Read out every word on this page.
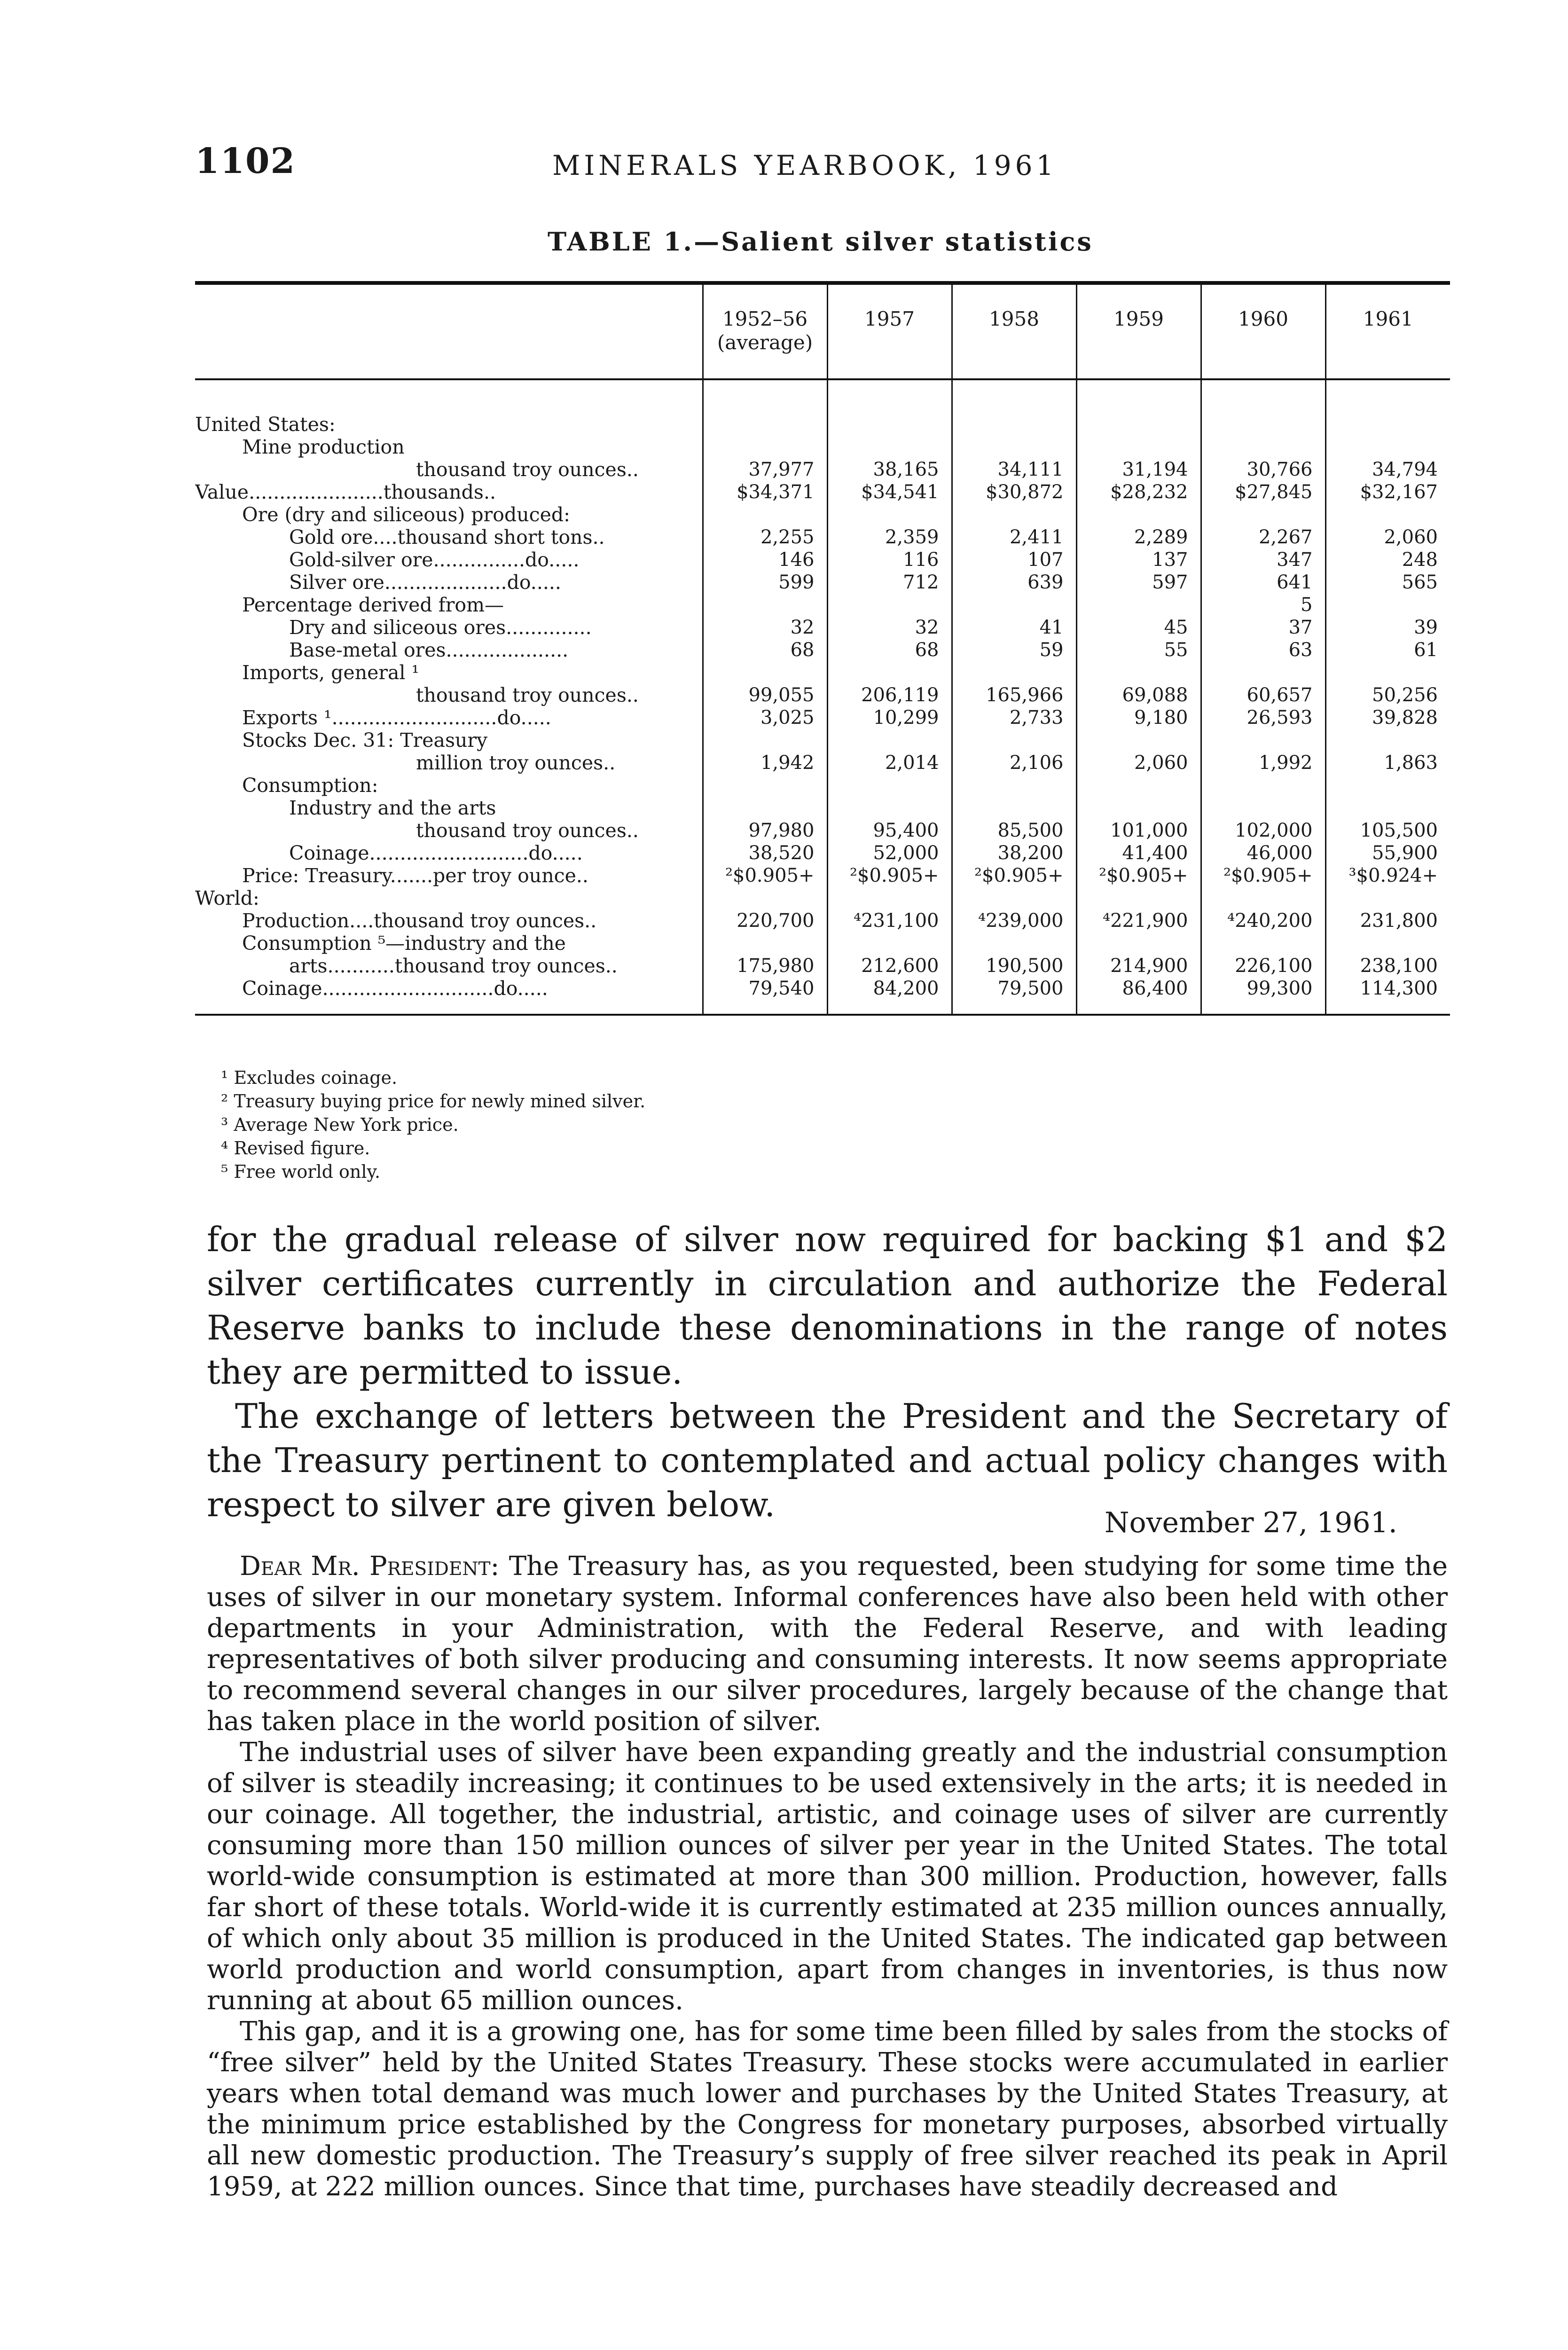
1102	MINERALS YEARBOOK, 1961
TABLE 1.—Salient silver statistics
	1952–56 (average)	1957	1958	1959	1960	1961
United States:						
Mine production						
thousand troy ounces..	37,977	38,165	34,111	31,194	30,766	34,794
Value......................thousands..	$34,371	$34,541	$30,872	$28,232	$27,845	$32,167
Ore (dry and siliceous) produced:						
Gold ore....thousand short tons..	2,255	2,359	2,411	2,289	2,267	2,060
Gold-silver ore...............do.....	146	116	107	137	347	248
Silver ore....................do.....	599	712	639	597	641	565
Percentage derived from—					5	
Dry and siliceous ores..............	32	32	41	45	37	39
Base-metal ores....................	68	68	59	55	63	61
Imports, general ¹						
thousand troy ounces..	99,055	206,119	165,966	69,088	60,657	50,256
Exports ¹...........................do.....	3,025	10,299	2,733	9,180	26,593	39,828
Stocks Dec. 31: Treasury						
million troy ounces..	1,942	2,014	2,106	2,060	1,992	1,863
Consumption:						
Industry and the arts						
thousand troy ounces..	97,980	95,400	85,500	101,000	102,000	105,500
Coinage..........................do.....	38,520	52,000	38,200	41,400	46,000	55,900
Price: Treasury.......per troy ounce..	²$0.905+	²$0.905+	²$0.905+	²$0.905+	²$0.905+	³$0.924+
World:						
Production....thousand troy ounces..	220,700	⁴231,100	⁴239,000	⁴221,900	⁴240,200	231,800
Consumption ⁵—industry and the						
arts...........thousand troy ounces..	175,980	212,600	190,500	214,900	226,100	238,100
Coinage............................do.....	79,540	84,200	79,500	86,400	99,300	114,300
¹ Excludes coinage.
² Treasury buying price for newly mined silver.
³ Average New York price.
⁴ Revised figure.
⁵ Free world only.

for the gradual release of silver now required for backing $1 and $2 silver certificates currently in circulation and authorize the Federal Reserve banks to include these denominations in the range of notes they are permitted to issue.

The exchange of letters between the President and the Secretary of the Treasury pertinent to contemplated and actual policy changes with respect to silver are given below.	November 27, 1961.

Dear Mr. President: The Treasury has, as you requested, been studying for some time the uses of silver in our monetary system. Informal conferences have also been held with other departments in your Administration, with the Federal Reserve, and with leading representatives of both silver producing and consuming interests. It now seems appropriate to recommend several changes in our silver procedures, largely because of the change that has taken place in the world position of silver.

The industrial uses of silver have been expanding greatly and the industrial consumption of silver is steadily increasing; it continues to be used extensively in the arts; it is needed in our coinage. All together, the industrial, artistic, and coinage uses of silver are currently consuming more than 150 million ounces of silver per year in the United States. The total world-wide consumption is estimated at more than 300 million. Production, however, falls far short of these totals. World-wide it is currently estimated at 235 million ounces annually, of which only about 35 million is produced in the United States. The indicated gap between world production and world consumption, apart from changes in inventories, is thus now running at about 65 million ounces.

This gap, and it is a growing one, has for some time been filled by sales from the stocks of “free silver” held by the United States Treasury. These stocks were accumulated in earlier years when total demand was much lower and purchases by the United States Treasury, at the minimum price established by the Congress for monetary purposes, absorbed virtually all new domestic production. The Treasury’s supply of free silver reached its peak in April 1959, at 222 million ounces. Since that time, purchases have steadily decreased and
